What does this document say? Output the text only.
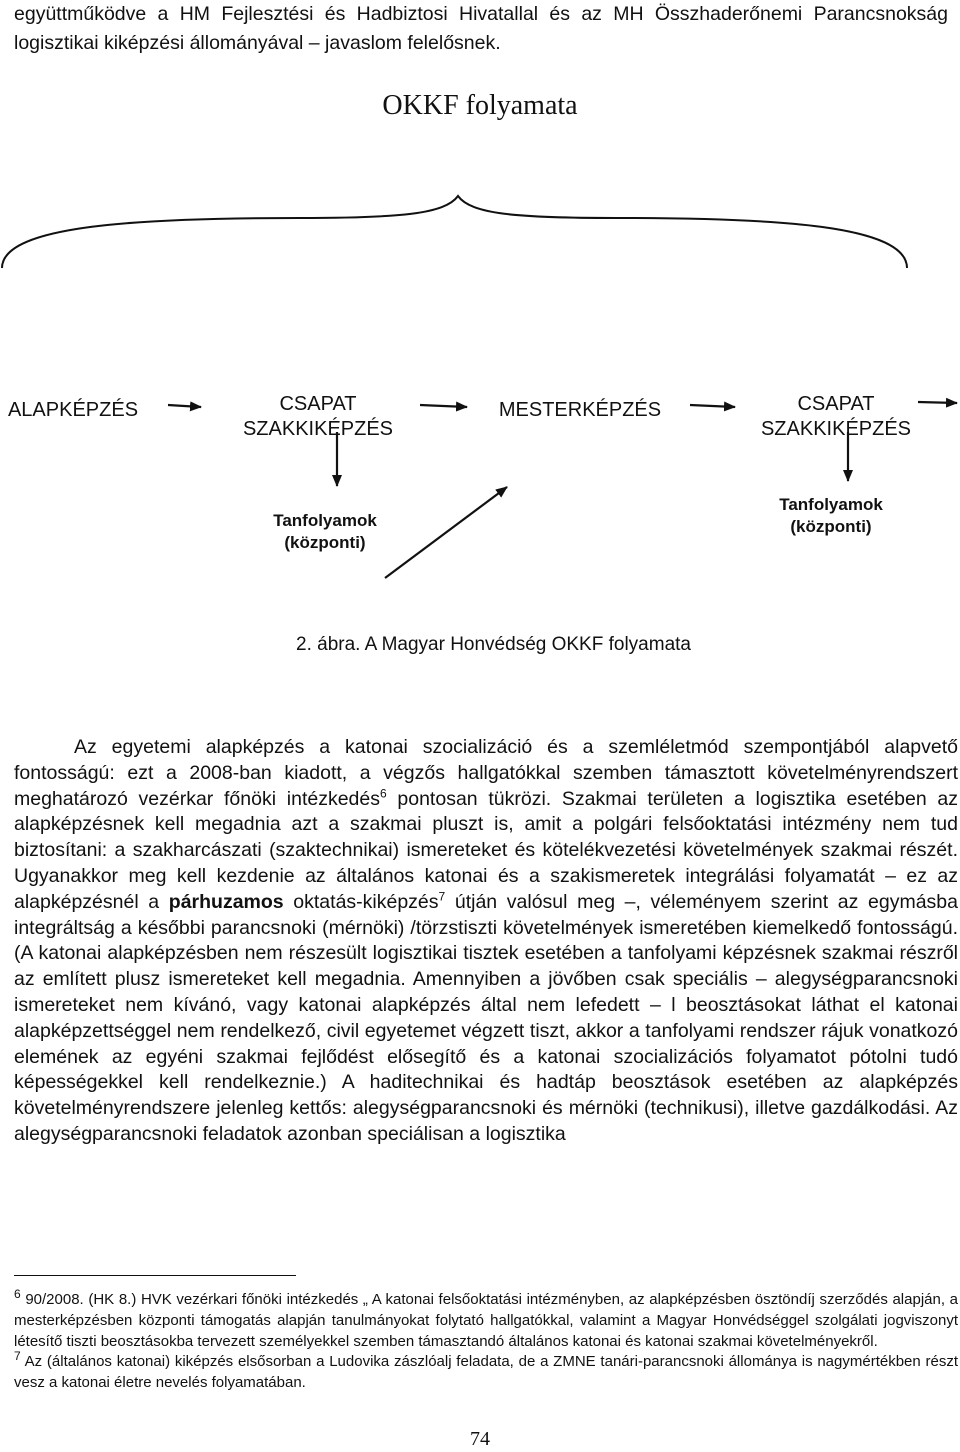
együttműködve a HM Fejlesztési és Hadbiztosi Hivatallal és az MH Összhaderőnemi Parancsnokság logisztikai kiképzési állományával – javaslom felelősnek.
OKKF folyamata
ALAPKÉPZÉS	CSAPAT
SZAKKIKÉPZÉS
MESTERKÉPZÉS	CSAPAT
SZAKKIKÉPZÉS
Tanfolyamok
(központi)
Tanfolyamok
(központi)
2. ábra. A Magyar Honvédség OKKF folyamata

Az egyetemi alapképzés a katonai szocializáció és a szemléletmód szempontjából alapvető fontosságú: ezt a 2008-ban kiadott, a végzős hallgatókkal szemben támasztott követelményrendszert meghatározó vezérkar főnöki intézkedés$^6$ pontosan tükrözi. Szakmai területen a logisztika esetében az alapképzésnek kell megadnia azt a szakmai pluszt is, amit a polgári felsőoktatási intézmény nem tud biztosítani: a szakharcászati (szaktechnikai) ismereteket és kötelékvezetési követelmények szakmai részét. Ugyanakkor meg kell kezdenie az általános katonai és a szakismeretek integrálási folyamatát – ez az alapképzésnél a párhuzamos oktatás-kiképzés$^7$ útján valósul meg –, véleményem szerint az egymásba integráltság a későbbi parancsnoki (mérnöki) /törzstiszti követelmények ismeretében kiemelkedő fontosságú. (A katonai alapképzésben nem részesült logisztikai tisztek esetében a tanfolyami képzésnek szakmai részről az említett plusz ismereteket kell megadnia. Amennyiben a jövőben csak speciális – alegységparancsnoki ismereteket nem kívánó, vagy katonai alapképzés által nem lefedett – l beosztásokat láthat el katonai alapképzettséggel nem rendelkező, civil egyetemet végzett tiszt, akkor a tanfolyami rendszer rájuk vonatkozó elemének az egyéni szakmai fejlődést elősegítő és a katonai szocializációs folyamatot pótolni tudó képességekkel kell rendelkeznie.) A haditechnikai és hadtáp beosztások esetében az alapképzés követelményrendszere jelenleg kettős: alegységparancsnoki és mérnöki (technikusi), illetve gazdálkodási. Az alegységparancsnoki feladatok azonban speciálisan a logisztika

$^6$ 90/2008. (HK 8.) HVK vezérkari főnöki intézkedés „ A katonai felsőoktatási intézményben, az alapképzésben ösztöndíj szerződés alapján, a mesterképzésben központi támogatás alapján tanulmányokat folytató hallgatókkal, valamint a Magyar Honvédséggel szolgálati jogviszonyt létesítő tiszti beosztásokba tervezett személyekkel szemben támasztandó általános katonai és katonai szakmai követelményekről.

$^7$ Az (általános katonai) kiképzés elsősorban a Ludovika zászlóalj feladata, de a ZMNE tanári-parancsnoki állománya is nagymértékben részt vesz a katonai életre nevelés folyamatában.

74
